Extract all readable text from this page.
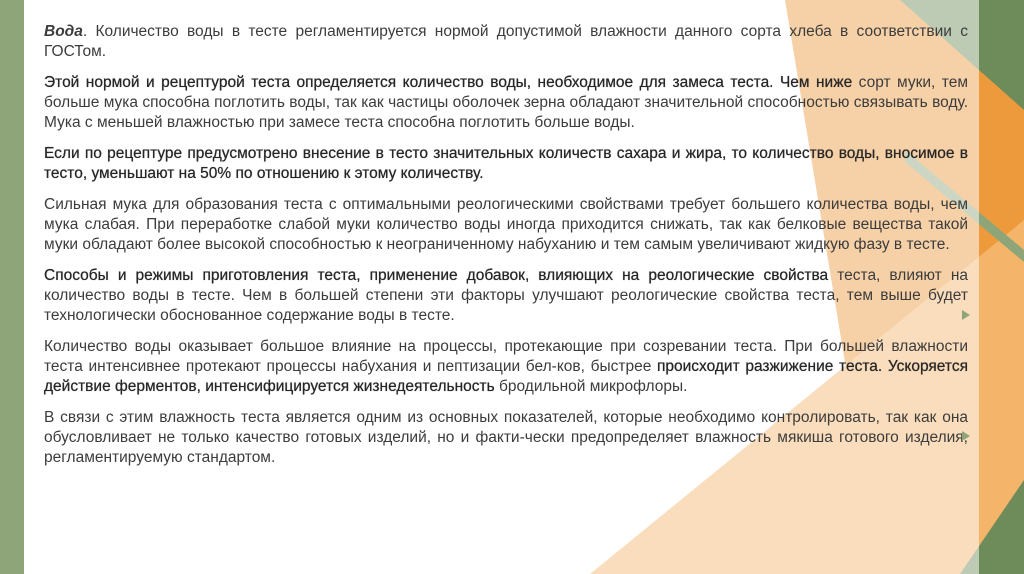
Вода. Количество воды в тесте регламентируется нормой допустимой влажности данного сорта хлеба в соответствии с ГОСТом.

Этой нормой и рецептурой теста определяется количество воды, необходимое для замеса теста. Чем ниже сорт муки, тем больше мука способна поглотить воды, так как частицы оболочек зерна обладают значительной способностью связывать воду. Мука с меньшей влажностью при замесе теста способна поглотить больше воды.

Если по рецептуре предусмотрено внесение в тесто значительных количеств сахара и жира, то количество воды, вносимое в тесто, уменьшают на 50% по отношению к этому количеству.

Сильная мука для образования теста с оптимальными реологическими свойствами требует большего количества воды, чем мука слабая. При переработке слабой муки количество воды иногда приходится снижать, так как белковые вещества такой муки обладают более высокой способностью к неограниченному набуханию и тем самым увеличивают жидкую фазу в тесте.

Способы и режимы приготовления теста, применение добавок, влияющих на реологические свойства теста, влияют на количество воды в тесте. Чем в большей степени эти факторы улучшают реологические свойства теста, тем выше будет технологически обоснованное содержание воды в тесте.

Количество воды оказывает большое влияние на процессы, протекающие при созревании теста. При большей влажности теста интенсивнее протекают процессы набухания и пептизации бел-ков, быстрее происходит разжижение теста. Ускоряется действие ферментов, интенсифицируется жизнедеятельность бродильной микрофлоры.

В связи с этим влажность теста является одним из основных показателей, которые необходимо контролировать, так как она обусловливает не только качество готовых изделий, но и факти-чески предопределяет влажность мякиша готового изделия, регламентируемую стандартом.
